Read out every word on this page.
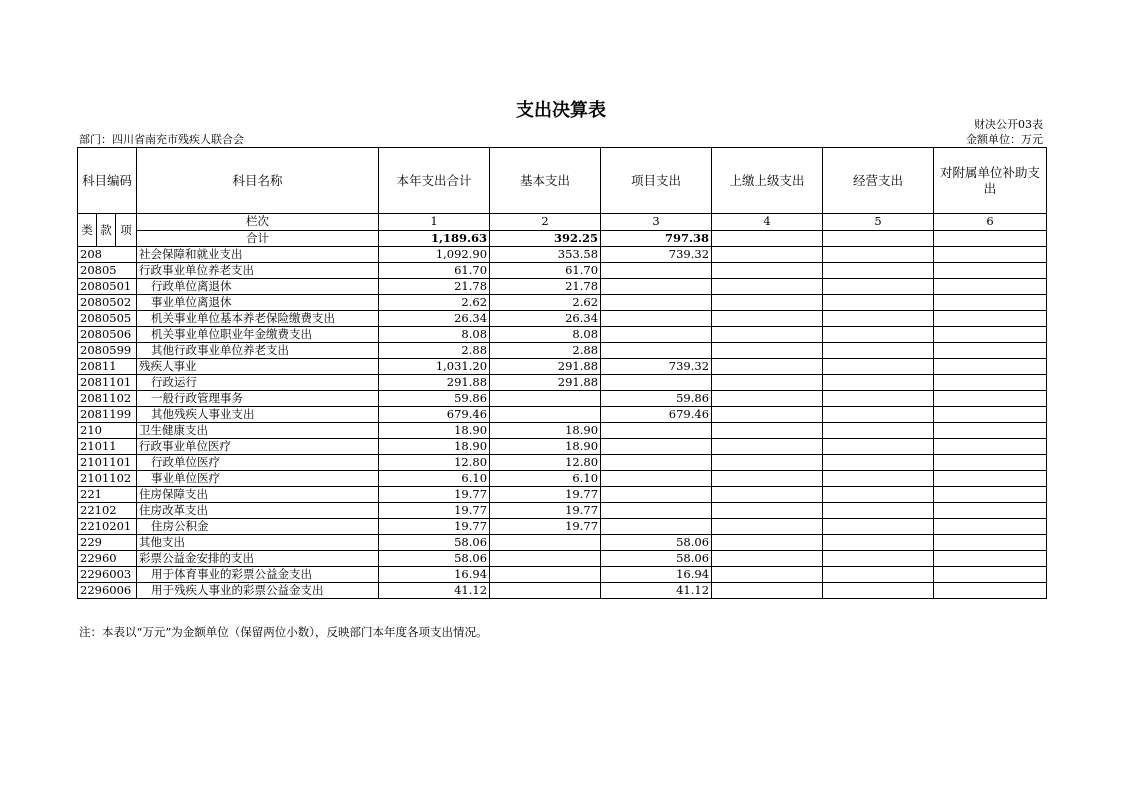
支出决算表
财决公开03表
部门：四川省南充市残疾人联合会	金额单位：万元
科目编码			科目名称	本年支出合计	基本支出	项目支出	上缴上级支出	经营支出	对附属单位补助支出
类	款	项	栏次	1	2	3	4	5	6
			合计	1,189.63	392.25	797.38			
208			社会保障和就业支出	1,092.90	353.58	739.32			
20805			行政事业单位养老支出	61.70	61.70				
2080501			行政单位离退休	21.78	21.78				
2080502			事业单位离退休	2.62	2.62				
2080505			机关事业单位基本养老保险缴费支出	26.34	26.34				
2080506			机关事业单位职业年金缴费支出	8.08	8.08				
2080599			其他行政事业单位养老支出	2.88	2.88				
20811			残疾人事业	1,031.20	291.88	739.32			
2081101			行政运行	291.88	291.88				
2081102			一般行政管理事务	59.86		59.86			
2081199			其他残疾人事业支出	679.46		679.46			
210			卫生健康支出	18.90	18.90				
21011			行政事业单位医疗	18.90	18.90				
2101101			行政单位医疗	12.80	12.80				
2101102			事业单位医疗	6.10	6.10				
221			住房保障支出	19.77	19.77				
22102			住房改革支出	19.77	19.77				
2210201			住房公积金	19.77	19.77				
229			其他支出	58.06		58.06			
22960			彩票公益金安排的支出	58.06		58.06			
2296003			用于体育事业的彩票公益金支出	16.94		16.94			
2296006			用于残疾人事业的彩票公益金支出	41.12		41.12			
注：本表以“万元”为金额单位（保留两位小数），反映部门本年度各项支出情况。
